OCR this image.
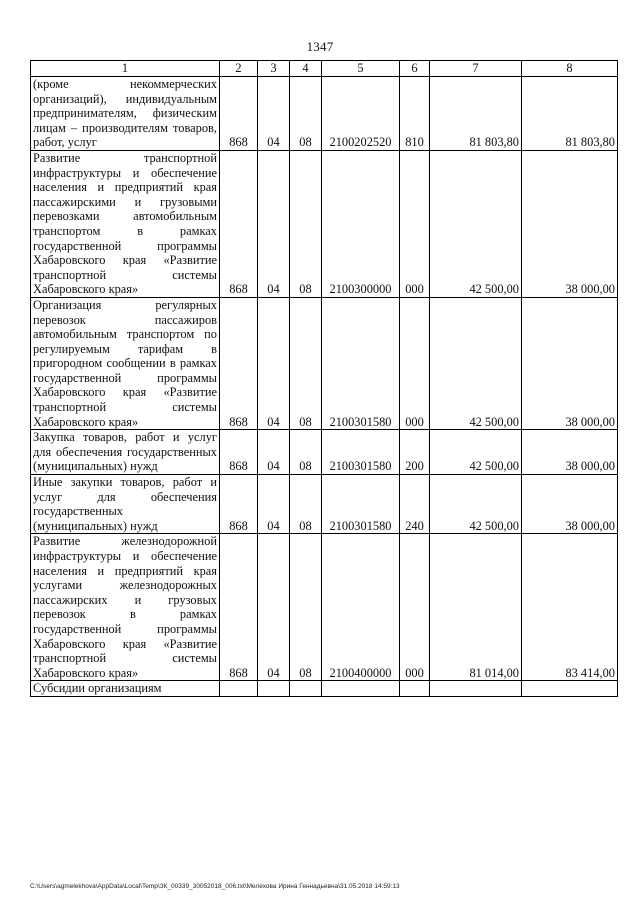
1347
1	2	3	4	5	6	7	8
(кроме некоммерческих организаций), индивидуальным предпринимателям, физическим лицам – производителям товаров, работ, услуг	868	04	08	2100202520	810	81 803,80	81 803,80
Развитие транспортной инфраструктуры и обеспечение населения и предприятий края пассажирскими и грузовыми перевозками автомобильным транспортом в рамках государственной программы Хабаровского края «Развитие транспортной системы Хабаровского края»	868	04	08	2100300000	000	42 500,00	38 000,00
Организация регулярных перевозок пассажиров автомобильным транспортом по регулируемым тарифам в пригородном сообщении в рамках государственной программы Хабаровского края «Развитие транспортной системы Хабаровского края»	868	04	08	2100301580	000	42 500,00	38 000,00
Закупка товаров, работ и услуг для обеспечения государственных (муниципальных) нужд	868	04	08	2100301580	200	42 500,00	38 000,00
Иные закупки товаров, работ и услуг для обеспечения государственных (муниципальных) нужд	868	04	08	2100301580	240	42 500,00	38 000,00
Развитие железнодорожной инфраструктуры и обеспечение населения и предприятий края услугами железнодорожных пассажирских и грузовых перевозок в рамках государственной программы Хабаровского края «Развитие транспортной системы Хабаровского края»	868	04	08	2100400000	000	81 014,00	83 414,00
Субсидии организациям							
C:\Users\agmelekhova\AppData\Local\Temp\ЗК_00339_30052018_006.txt\Мелехова Ирина Геннадьевна\31.05.2018 14:59:13
